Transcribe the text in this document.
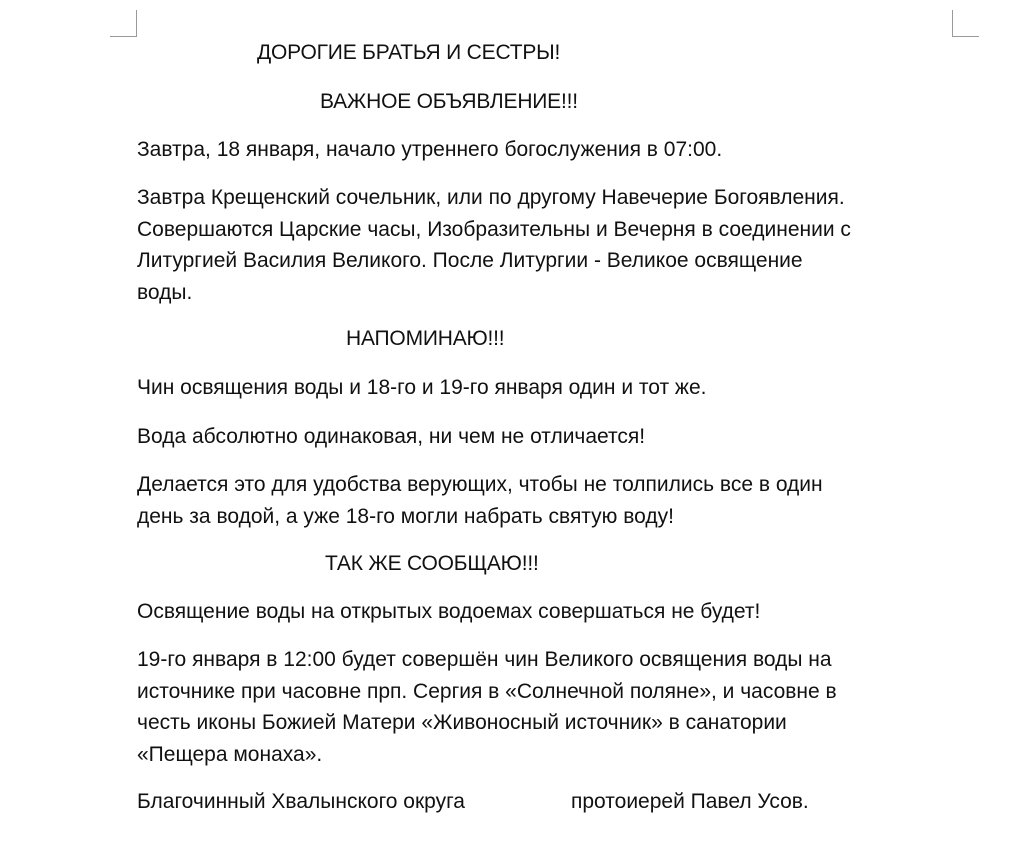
ДОРОГИЕ БРАТЬЯ И СЕСТРЫ!
ВАЖНОЕ ОБЪЯВЛЕНИЕ!!!
Завтра, 18 января, начало утреннего богослужения в 07:00.
Завтра Крещенский сочельник, или по другому Навечерие Богоявления.
Совершаются Царские часы, Изобразительны и Вечерня в соединении с
Литургией Василия Великого. После Литургии - Великое освящение
воды.
НАПОМИНАЮ!!!
Чин освящения воды и 18-го и 19-го января один и тот же.
Вода абсолютно одинаковая, ни чем не отличается!
Делается это для удобства верующих, чтобы не толпились все в один
день за водой, а уже 18-го могли набрать святую воду!
ТАК ЖЕ СООБЩАЮ!!!
Освящение воды на открытых водоемах совершаться не будет!
19-го января в 12:00 будет совершён чин Великого освящения воды на
источнике при часовне прп. Сергия в «Солнечной поляне», и часовне в
честь иконы Божией Матери «Живоносный источник» в санатории
«Пещера монаха».
Благочинный Хвалынского округа	протоиерей Павел Усов.
